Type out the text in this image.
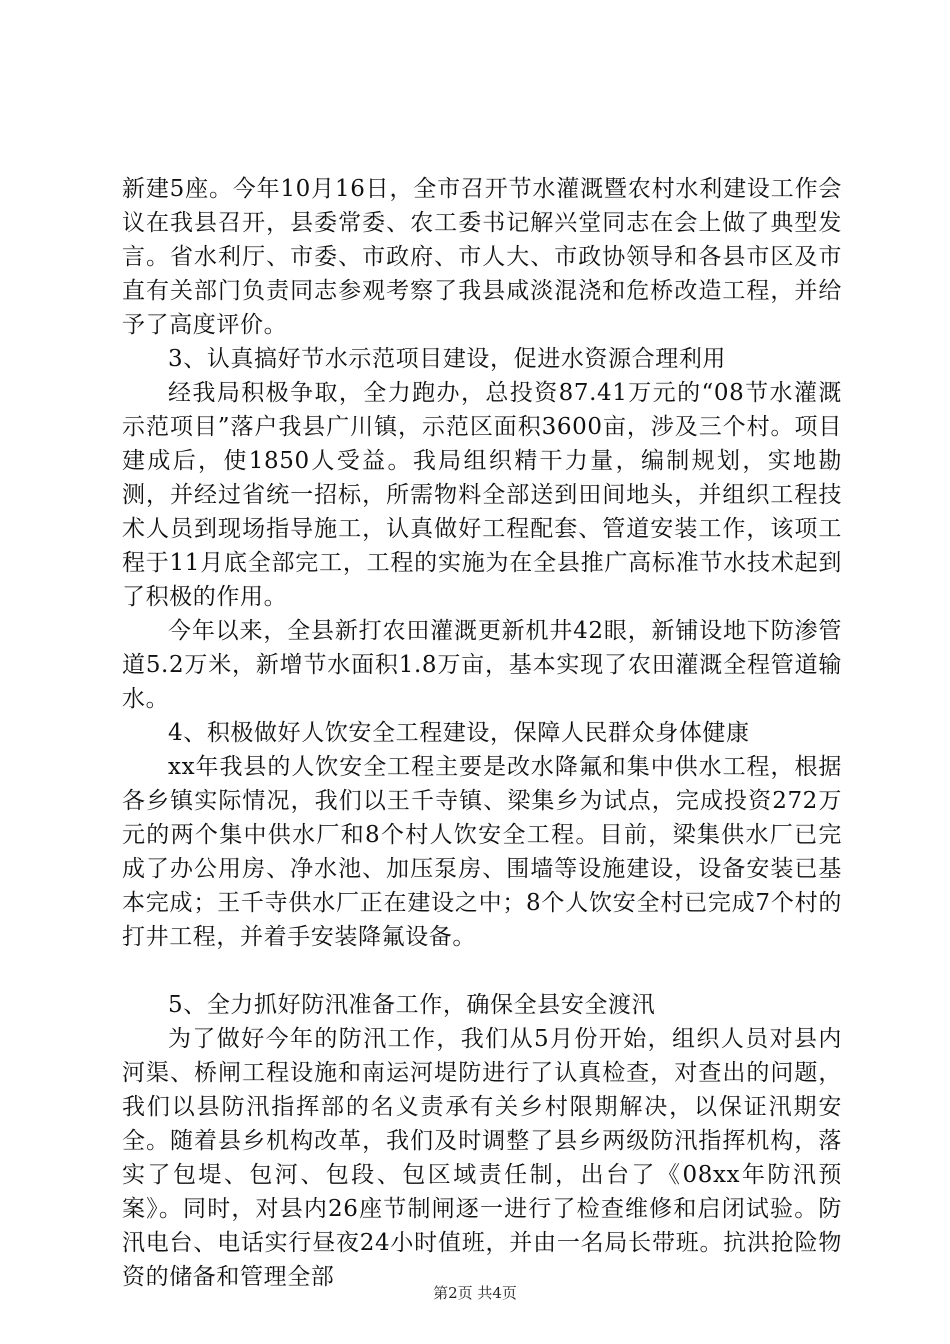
新建5座。今年10月16日，全市召开节水灌溉暨农村水利建设工作会议在我县召开，县委常委、农工委书记解兴堂同志在会上做了典型发言。省水利厅、市委、市政府、市人大、市政协领导和各县市区及市直有关部门负责同志参观考察了我县咸淡混浇和危桥改造工程，并给予了高度评价。

3、认真搞好节水示范项目建设，促进水资源合理利用

经我局积极争取，全力跑办，总投资87.41万元的“08节水灌溉示范项目”落户我县广川镇，示范区面积3600亩，涉及三个村。项目建成后，使1850人受益。我局组织精干力量，编制规划，实地勘测，并经过省统一招标，所需物料全部送到田间地头，并组织工程技术人员到现场指导施工，认真做好工程配套、管道安装工作，该项工程于11月底全部完工，工程的实施为在全县推广高标准节水技术起到了积极的作用。

今年以来，全县新打农田灌溉更新机井42眼，新铺设地下防渗管道5.2万米，新增节水面积1.8万亩，基本实现了农田灌溉全程管道输水。

4、积极做好人饮安全工程建设，保障人民群众身体健康

xx年我县的人饮安全工程主要是改水降氟和集中供水工程，根据各乡镇实际情况，我们以王千寺镇、梁集乡为试点，完成投资272万元的两个集中供水厂和8个村人饮安全工程。目前，梁集供水厂已完成了办公用房、净水池、加压泵房、围墙等设施建设，设备安装已基本完成；王千寺供水厂正在建设之中；8个人饮安全村已完成7个村的打井工程，并着手安装降氟设备。

5、全力抓好防汛准备工作，确保全县安全渡汛

为了做好今年的防汛工作，我们从5月份开始，组织人员对县内河渠、桥闸工程设施和南运河堤防进行了认真检查，对查出的问题，我们以县防汛指挥部的名义责承有关乡村限期解决，以保证汛期安全。随着县乡机构改革，我们及时调整了县乡两级防汛指挥机构，落实了包堤、包河、包段、包区域责任制，出台了《08xx年防汛预案》。同时，对县内26座节制闸逐一进行了检查维修和启闭试验。防汛电台、电话实行昼夜24小时值班，并由一名局长带班。抗洪抢险物资的储备和管理全部

第2页 共4页
